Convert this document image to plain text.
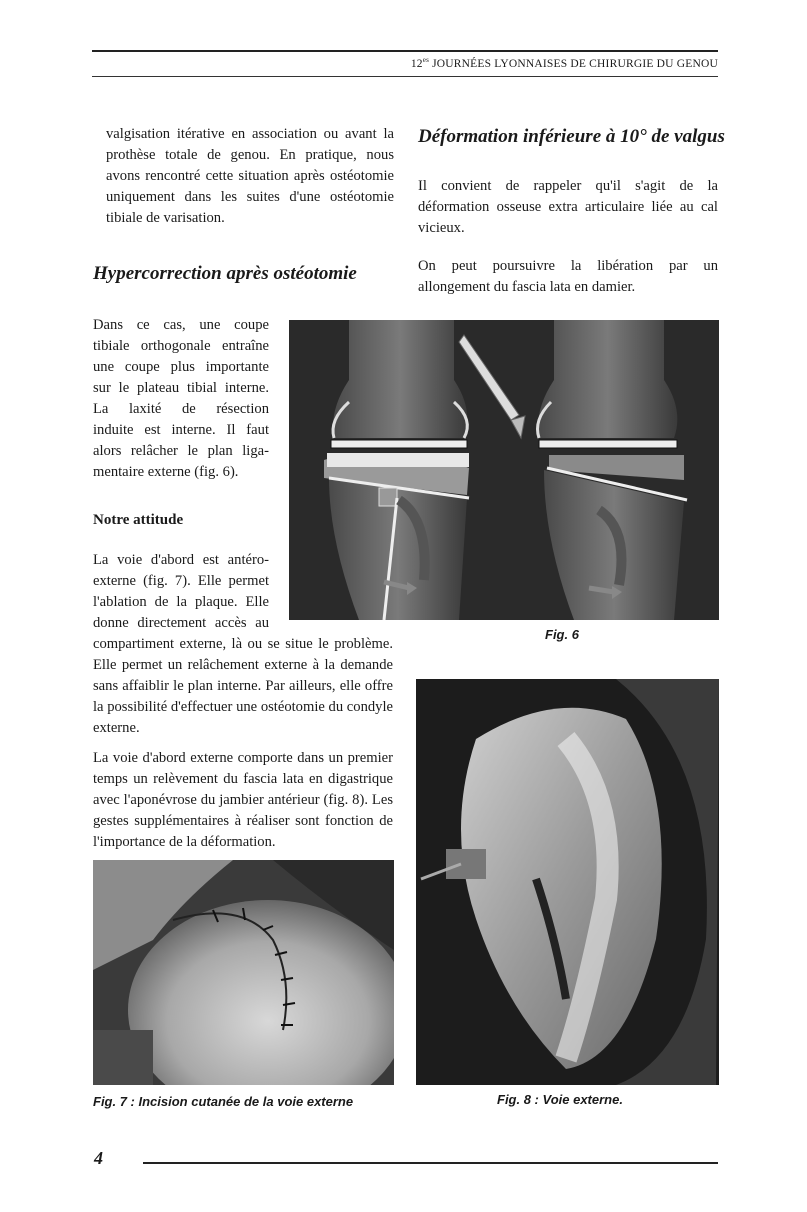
$12^{es}$ JOURNÉES LYONNAISES DE CHIRURGIE DU GENOU

valgisation itérative en association ou avant la prothèse totale de genou. En pratique, nous avons rencontré cette situation après ostéotomie uniquement dans les suites d'une ostéotomie tibiale de varisation.

Hypercorrection après ostéotomie
Dans ce cas, une coupe
tibiale orthogonale entraîne
une coupe plus importante
sur le plateau tibial interne.
La laxité de résection
induite est interne. Il faut
alors relâcher le plan liga-
mentaire externe (fig. 6).
Notre attitude
La voie d'abord est antéro-
externe (fig. 7). Elle permet
l'ablation de la plaque. Elle
donne directement accès au
compartiment externe, là ou se situe le problème. Elle permet un relâchement externe à la demande sans affaiblir le plan interne. Par ailleurs, elle offre la possibilité d'effectuer une ostéotomie du condyle externe.

La voie d'abord externe comporte dans un premier temps un relèvement du fascia lata en digastrique avec l'aponévrose du jambier antérieur (fig. 8). Les gestes supplémentaires à réaliser sont fonction de l'importance de la déformation.

Déformation inférieure à 10° de valgus

Il convient de rappeler qu'il s'agit de la déformation osseuse extra articulaire liée au cal vicieux.

On peut poursuivre la libération par un allongement du fascia lata en damier.

Fig. 6
Fig. 7 : Incision cutanée de la voie externe	Fig. 8 : Voie externe.
4
